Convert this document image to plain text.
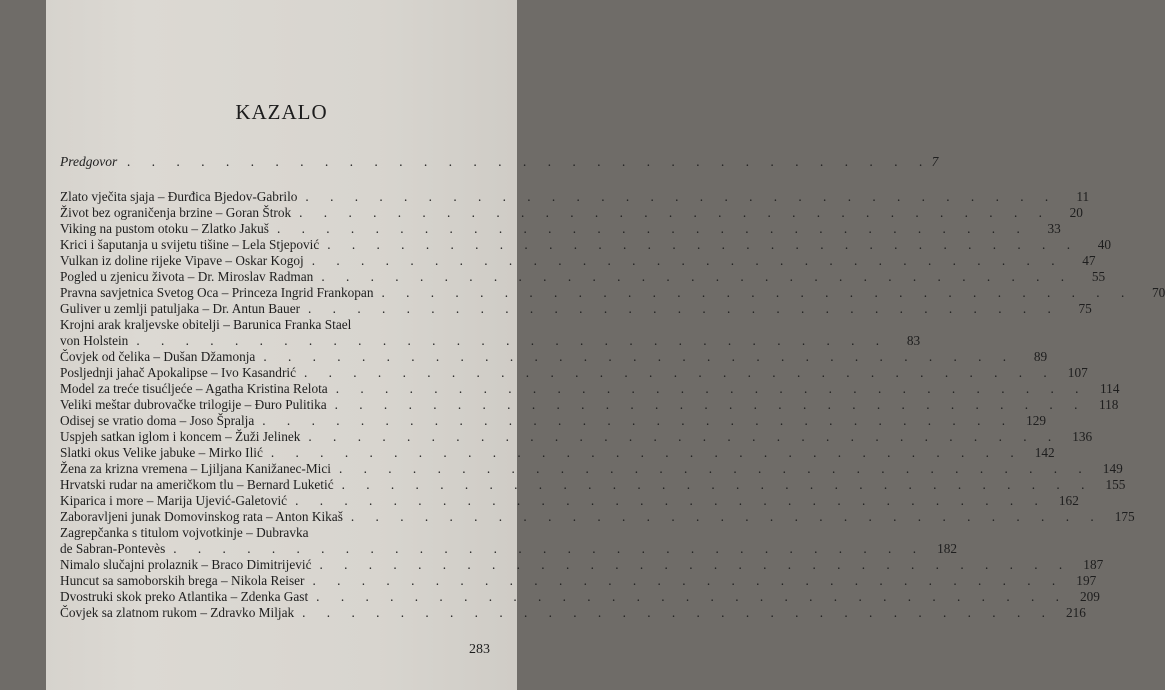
KAZALO
Predgovor . . . . . . . . . . . . . . . . . . . . . . . . . . . . . . . . . 7
Zlato vječita sjaja – Đurđica Bjedov-Gabrilo . . . . . . . . . . . . . . . . . . . . . . . . . . . . . . .	11
Život bez ograničenja brzine – Goran Štrok . . . . . . . . . . . . . . . . . . . . . . . . . . . . . . .	20
Viking na pustom otoku – Zlatko Jakuš . . . . . . . . . . . . . . . . . . . . . . . . . . . . . . .	33
Krici i šaputanja u svijetu tišine – Lela Stjepović . . . . . . . . . . . . . . . . . . . . . . . . . . . . . . .	40
Vulkan iz doline rijeke Vipave – Oskar Kogoj . . . . . . . . . . . . . . . . . . . . . . . . . . . . . . .	47
Pogled u zjenicu života – Dr. Miroslav Radman . . . . . . . . . . . . . . . . . . . . . . . . . . . . . . .	55
Pravna savjetnica Svetog Oca – Princeza Ingrid Frankopan . . . . . . . . . . . . . . . . . . . . . . . . . . . . . . .	70
Guliver u zemlji patuljaka – Dr. Antun Bauer . . . . . . . . . . . . . . . . . . . . . . . . . . . . . . .	75
Krojni arak kraljevske obitelji – Barunica Franka Stael
von Holstein . . . . . . . . . . . . . . . . . . . . . . . . . . . . . . .	83
Čovjek od čelika – Dušan Džamonja . . . . . . . . . . . . . . . . . . . . . . . . . . . . . . .	89
Posljednji jahač Apokalipse – Ivo Kasandrić . . . . . . . . . . . . . . . . . . . . . . . . . . . . . . . 107
Model za treće tisućljeće – Agatha Kristina Relota . . . . . . . . . . . . . . . . . . . . . . . . . . . . . . . 114
Veliki meštar dubrovačke trilogije – Đuro Pulitika . . . . . . . . . . . . . . . . . . . . . . . . . . . . . . . 118
Odisej se vratio doma – Joso Špralja . . . . . . . . . . . . . . . . . . . . . . . . . . . . . . . 129
Uspjeh satkan iglom i koncem – Žuži Jelinek . . . . . . . . . . . . . . . . . . . . . . . . . . . . . . . 136
Slatki okus Velike jabuke – Mirko Ilić . . . . . . . . . . . . . . . . . . . . . . . . . . . . . . . 142
Žena za krizna vremena – Ljiljana Kanižanec-Mici . . . . . . . . . . . . . . . . . . . . . . . . . . . . . . . 149
Hrvatski rudar na američkom tlu – Bernard Luketić . . . . . . . . . . . . . . . . . . . . . . . . . . . . . . . 155
Kiparica i more – Marija Ujević-Galetović . . . . . . . . . . . . . . . . . . . . . . . . . . . . . . . 162
Zaboravljeni junak Domovinskog rata – Anton Kikaš . . . . . . . . . . . . . . . . . . . . . . . . . . . . . . . 175
Zagrepčanka s titulom vojvotkinje – Dubravka
de Sabran-Pontevès . . . . . . . . . . . . . . . . . . . . . . . . . . . . . . . 182
Nimalo slučajni prolaznik – Braco Dimitrijević . . . . . . . . . . . . . . . . . . . . . . . . . . . . . . . 187
Huncut sa samoborskih brega – Nikola Reiser . . . . . . . . . . . . . . . . . . . . . . . . . . . . . . . 197
Dvostruki skok preko Atlantika – Zdenka Gast . . . . . . . . . . . . . . . . . . . . . . . . . . . . . . . 209
Čovjek sa zlatnom rukom – Zdravko Miljak . . . . . . . . . . . . . . . . . . . . . . . . . . . . . . . 216
283
